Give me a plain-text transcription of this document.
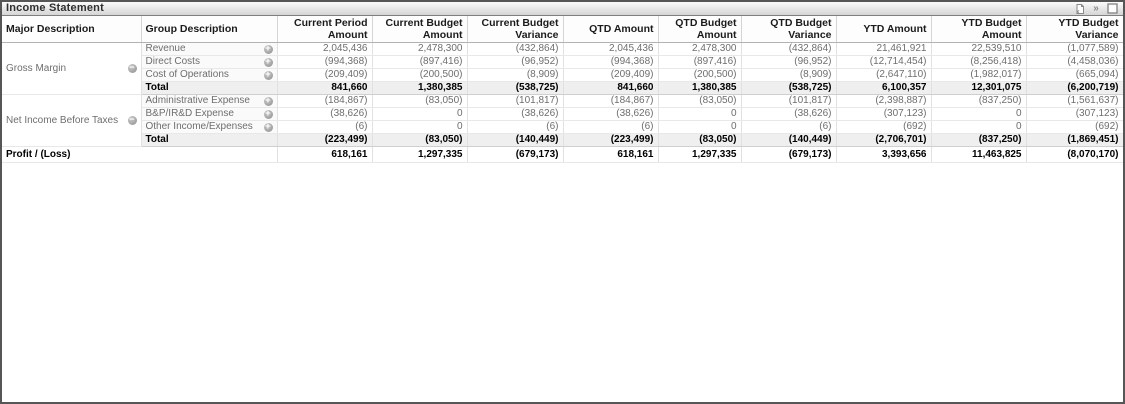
Income Statement	x	»
Major Description	Group Description	Current Period Amount	Current Budget Amount	Current Budget Variance	QTD Amount	QTD Budget Amount	QTD Budget Variance	YTD Amount	YTD Budget Amount	YTD Budget Variance

Gross Margin −	Revenue +	2,045,436	2,478,300	(432,864)	2,045,436	2,478,300	(432,864)	21,461,921	22,539,510	(1,077,589)

	Direct Costs +	(994,368)	(897,416)	(96,952)	(994,368)	(897,416)	(96,952)	(12,714,454)	(8,256,418)	(4,458,036)

	Cost of Operations +	(209,409)	(200,500)	(8,909)	(209,409)	(200,500)	(8,909)	(2,647,110)	(1,982,017)	(665,094)
	Total	841,660	1,380,385	(538,725)	841,660	1,380,385	(538,725)	6,100,357	12,301,075	(6,200,719)

Net Income Before Taxes −	Administrative Expense +	(184,867)	(83,050)	(101,817)	(184,867)	(83,050)	(101,817)	(2,398,887)	(837,250)	(1,561,637)

	B&P/IR&D Expense +	(38,626)	0	(38,626)	(38,626)	0	(38,626)	(307,123)	0	(307,123)

	Other Income/Expenses +	(6)	0	(6)	(6)	0	(6)	(692)	0	(692)
	Total	(223,499)	(83,050)	(140,449)	(223,499)	(83,050)	(140,449)	(2,706,701)	(837,250)	(1,869,451)
Profit / (Loss)		618,161	1,297,335	(679,173)	618,161	1,297,335	(679,173)	3,393,656	11,463,825	(8,070,170)
